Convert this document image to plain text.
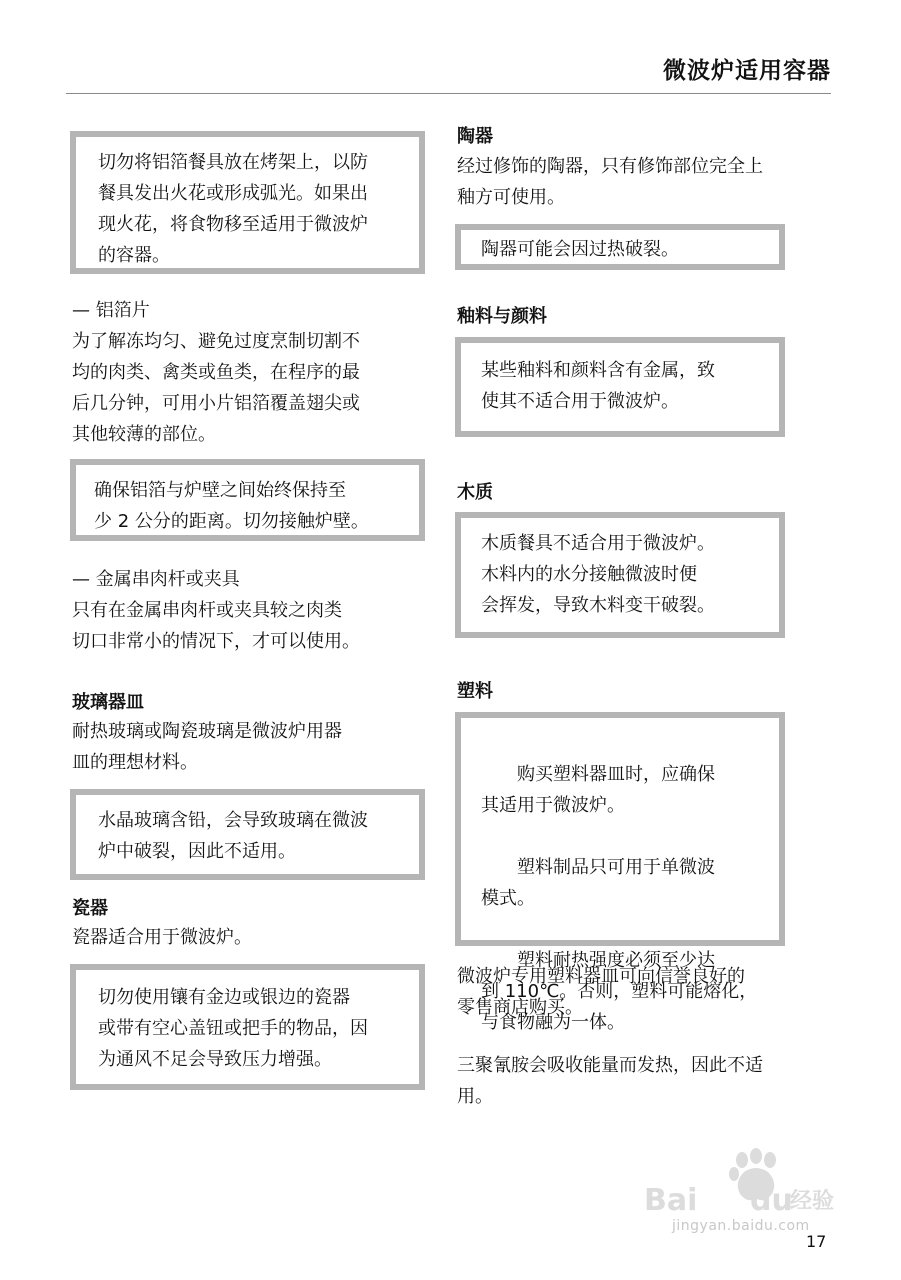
微波炉适用容器
切勿将铝箔餐具放在烤架上，以防
餐具发出火花或形成弧光。如果出
现火花，将食物移至适用于微波炉
的容器。
— 铝箔片
为了解冻均匀、避免过度烹制切割不
均的肉类、禽类或鱼类，在程序的最
后几分钟，可用小片铝箔覆盖翅尖或
其他较薄的部位。
确保铝箔与炉壁之间始终保持至
少 2 公分的距离。切勿接触炉壁。
— 金属串肉杆或夹具
只有在金属串肉杆或夹具较之肉类
切口非常小的情况下，才可以使用。
玻璃器皿
耐热玻璃或陶瓷玻璃是微波炉用器
皿的理想材料。
水晶玻璃含铅，会导致玻璃在微波
炉中破裂，因此不适用。
瓷器
瓷器适合用于微波炉。
切勿使用镶有金边或银边的瓷器
或带有空心盖钮或把手的物品，因
为通风不足会导致压力增强。
陶器
经过修饰的陶器，只有修饰部位完全上
釉方可使用。
陶器可能会因过热破裂。
釉料与颜料
某些釉料和颜料含有金属，致
使其不适合用于微波炉。
木质
木质餐具不适合用于微波炉。
木料内的水分接触微波时便
会挥发，导致木料变干破裂。
塑料

购买塑料器皿时，应确保
其适用于微波炉。

塑料制品只可用于单微波
模式。

塑料耐热强度必须至少达
到 110℃。否则，塑料可能熔化，
与食物融为一体。

微波炉专用塑料器皿可向信誉良好的
零售商店购买。
三聚氰胺会吸收能量而发热，因此不适
用。
Bai du
经验
jingyan.baidu.com
17
